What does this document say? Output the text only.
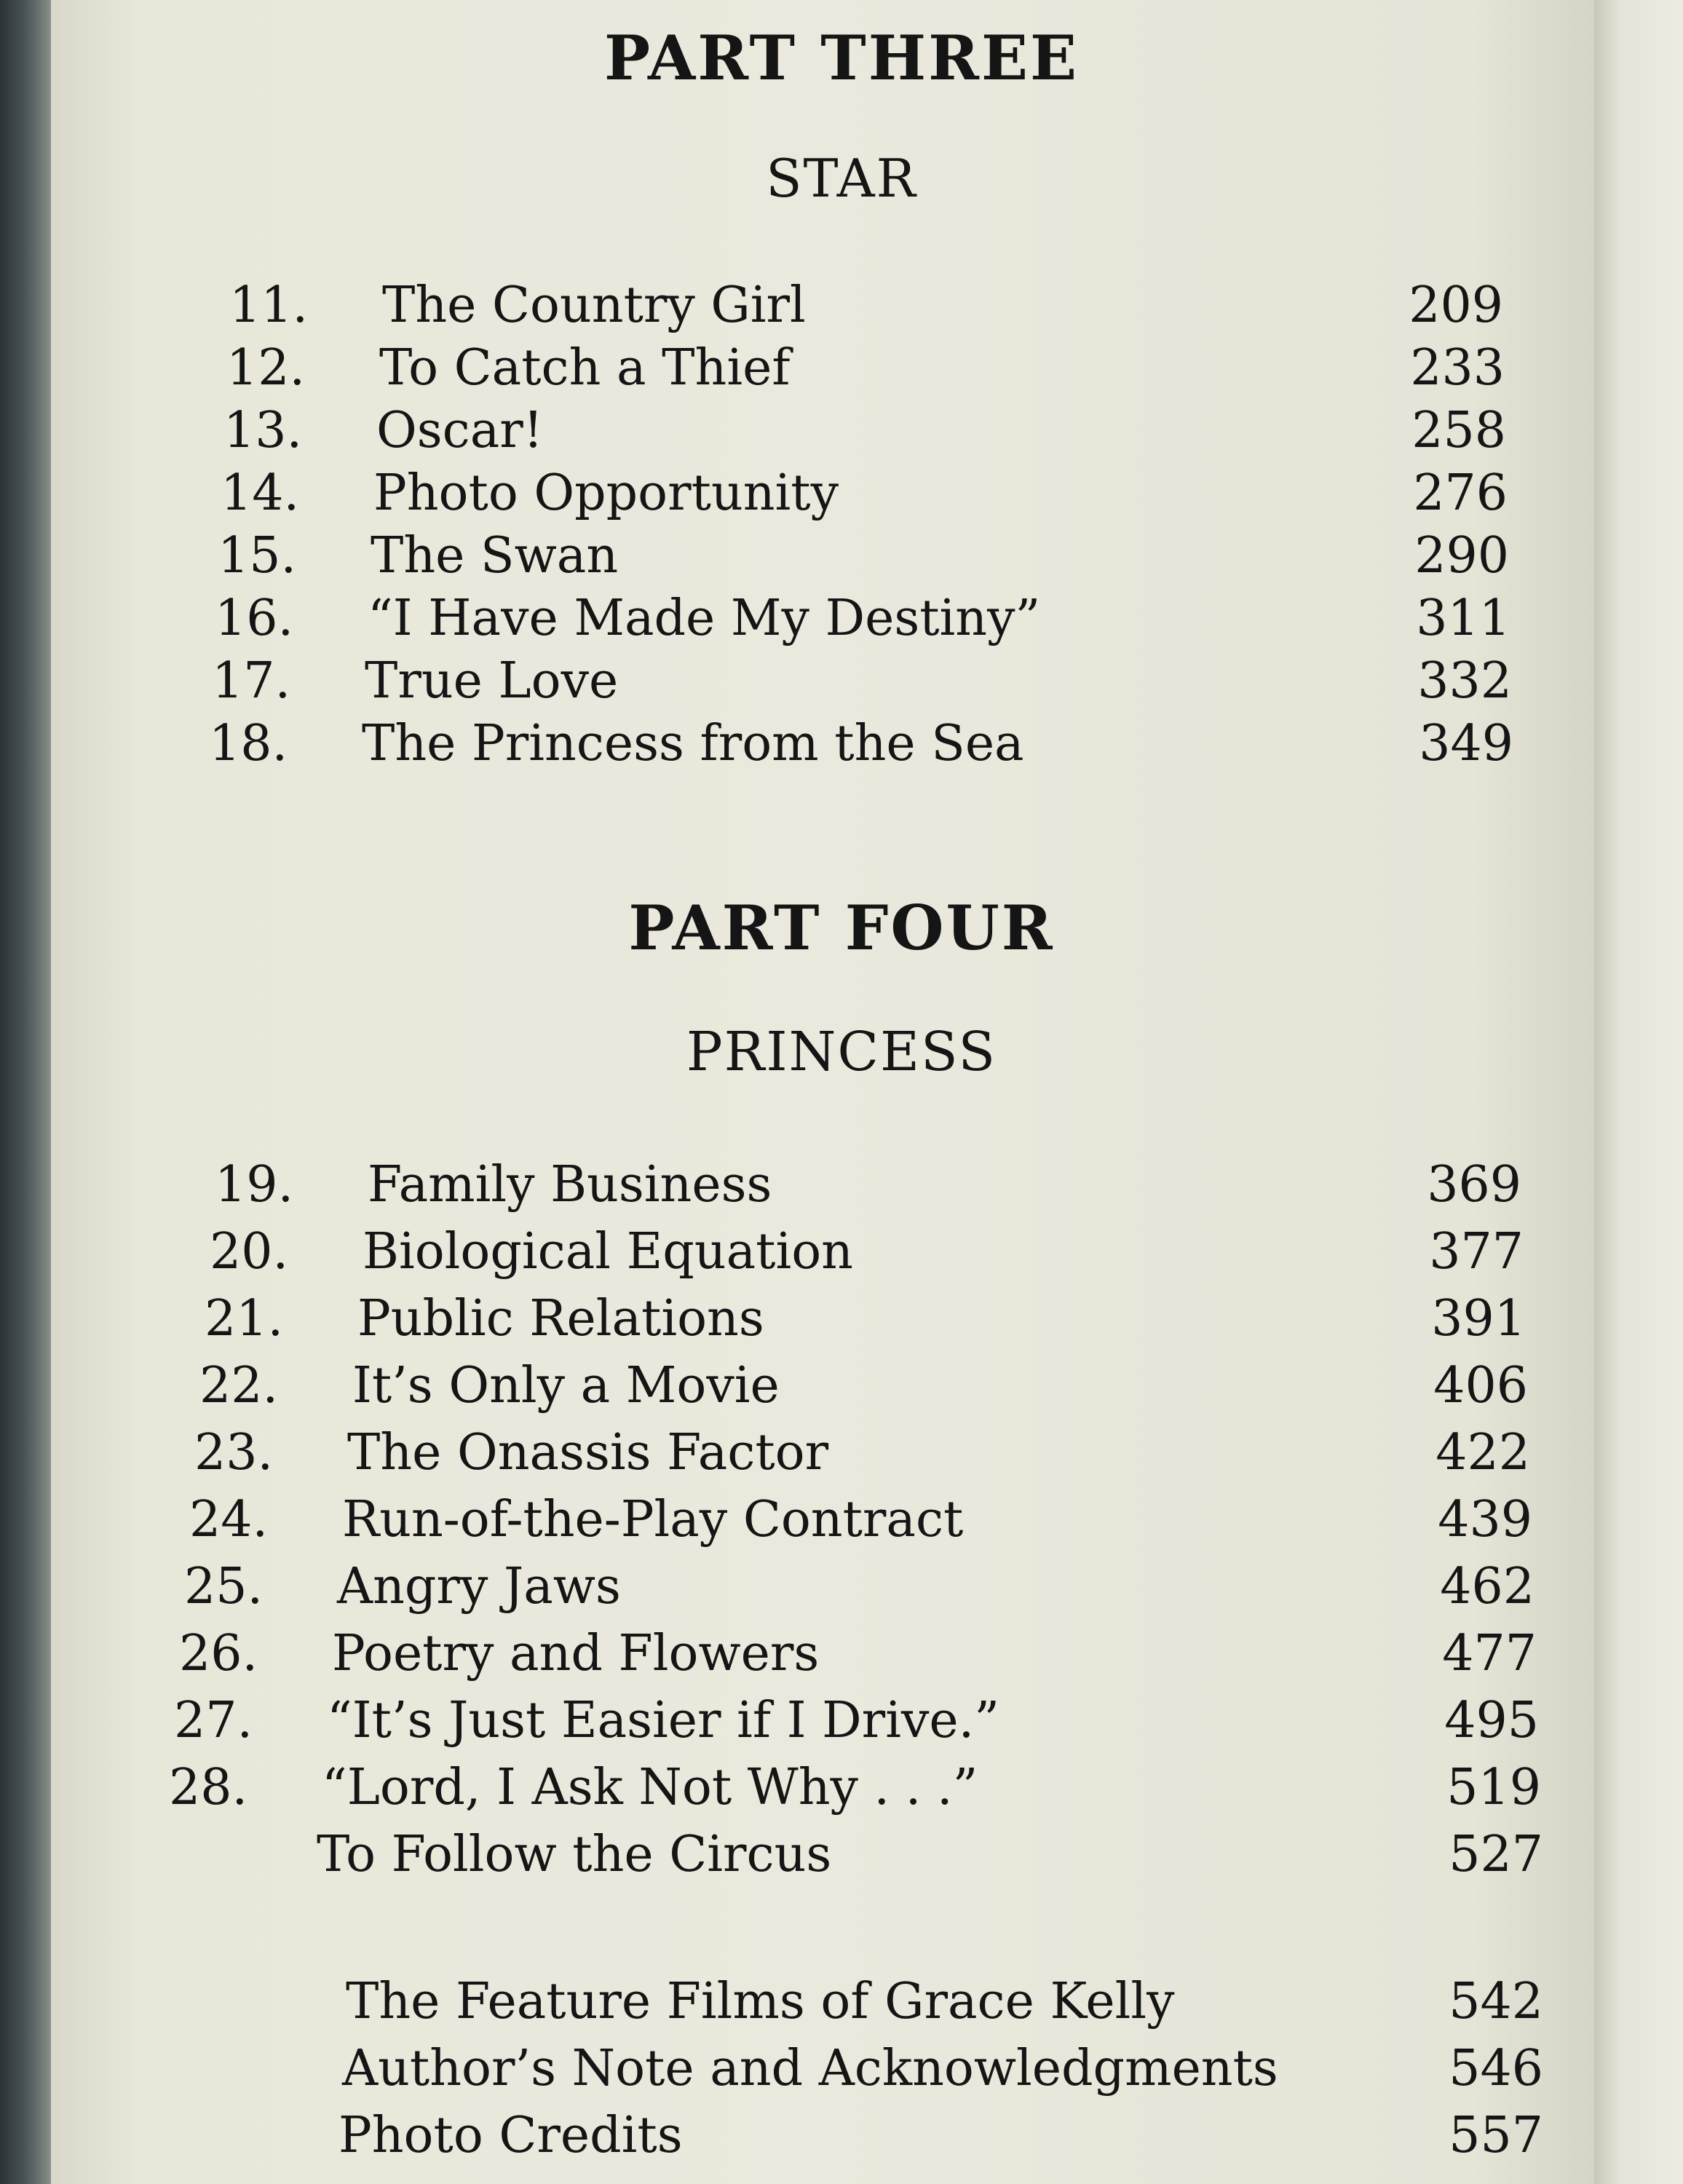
PART THREE
STAR
11. The Country Girl	209
12. To Catch a Thief	233
13. Oscar!	258
14. Photo Opportunity	276
15. The Swan	290
16. “I Have Made My Destiny”	311
17. True Love	332
18. The Princess from the Sea	349
PART FOUR
PRINCESS
19. Family Business	369
20. Biological Equation	377
21. Public Relations	391
22. It’s Only a Movie	406
23. The Onassis Factor	422
24. Run-of-the-Play Contract	439
25. Angry Jaws	462
26. Poetry and Flowers	477
27. “It’s Just Easier if I Drive.”	495
28. “Lord, I Ask Not Why . . .”	519
To Follow the Circus	527
The Feature Films of Grace Kelly	542
Author’s Note and Acknowledgments	546
Photo Credits	557
